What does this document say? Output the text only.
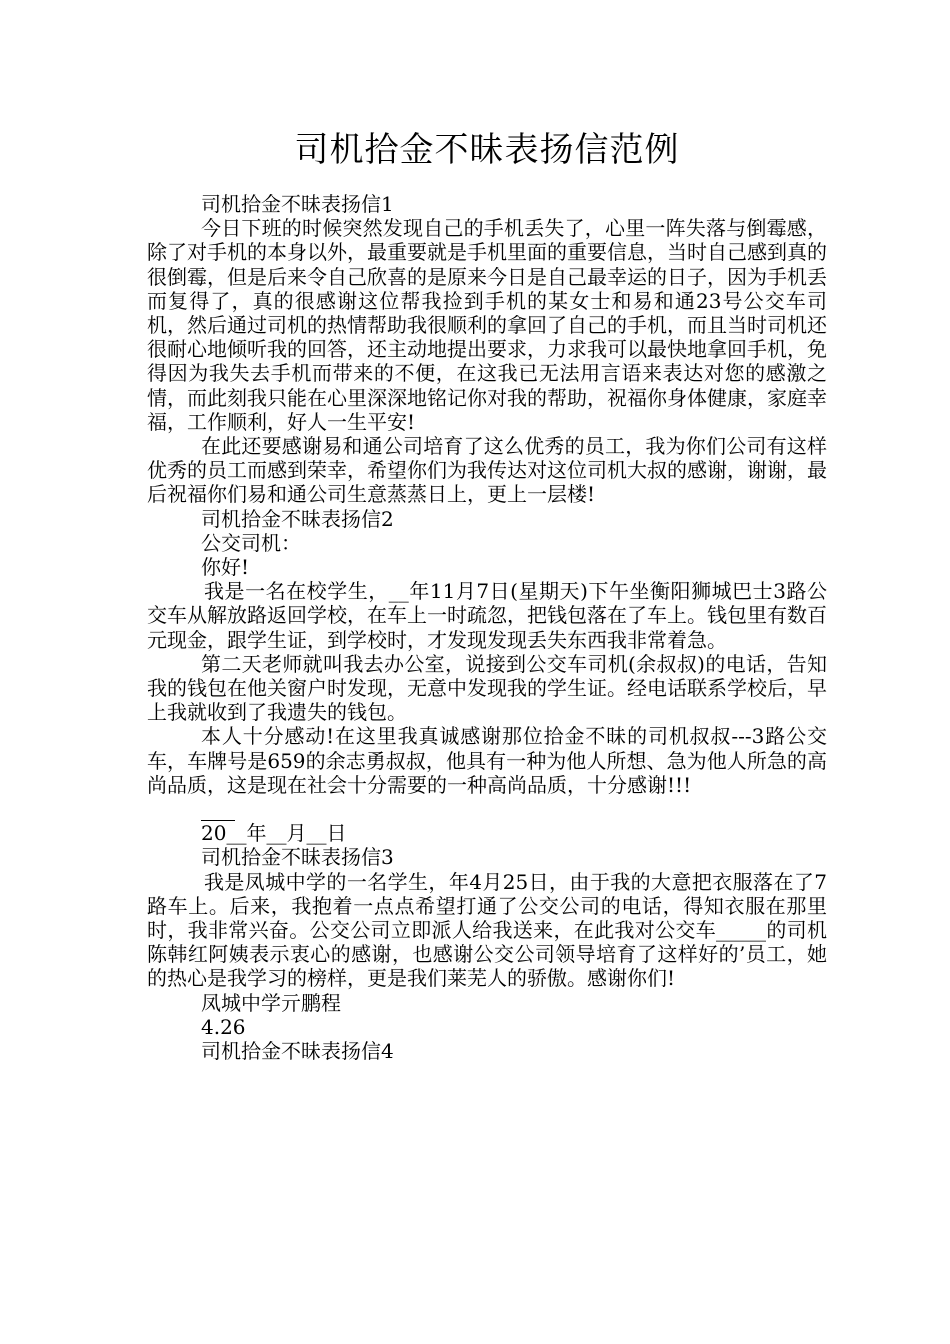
司机拾金不昧表扬信范例

司机拾金不昧表扬信1

今日下班的时候突然发现自己的手机丢失了，心里一阵失落与倒霉感，除了对手机的本身以外，最重要就是手机里面的重要信息，当时自己感到真的很倒霉，但是后来令自己欣喜的是原来今日是自己最幸运的日子，因为手机丢而复得了，真的很感谢这位帮我捡到手机的某女士和易和通23号公交车司机，然后通过司机的热情帮助我很顺利的拿回了自己的手机，而且当时司机还很耐心地倾听我的回答，还主动地提出要求，力求我可以最快地拿回手机，免得因为我失去手机而带来的不便，在这我已无法用言语来表达对您的感激之情，而此刻我只能在心里深深地铭记你对我的帮助，祝福你身体健康，家庭幸福，工作顺利，好人一生平安!

在此还要感谢易和通公司培育了这么优秀的员工，我为你们公司有这样优秀的员工而感到荣幸，希望你们为我传达对这位司机大叔的感谢，谢谢，最后祝福你们易和通公司生意蒸蒸日上，更上一层楼!

司机拾金不昧表扬信2

公交司机：

你好!

我是一名在校学生，__年11月7日(星期天)下午坐衡阳狮城巴士3路公交车从解放路返回学校，在车上一时疏忽，把钱包落在了车上。钱包里有数百元现金，跟学生证，到学校时，才发现发现丢失东西我非常着急。

第二天老师就叫我去办公室，说接到公交车司机(余叔叔)的电话，告知我的钱包在他关窗户时发现，无意中发现我的学生证。经电话联系学校后，早上我就收到了我遗失的钱包。

本人十分感动!在这里我真诚感谢那位拾金不昧的司机叔叔---3路公交车，车牌号是659的余志勇叔叔，他具有一种为他人所想、急为他人所急的高尚品质，这是现在社会十分需要的一种高尚品质，十分感谢!!!

20__年__月__日

司机拾金不昧表扬信3

我是凤城中学的一名学生，年4月25日，由于我的大意把衣服落在了7路车上。后来，我抱着一点点希望打通了公交公司的电话，得知衣服在那里时，我非常兴奋。公交公司立即派人给我送来，在此我对公交车_____的司机陈韩红阿姨表示衷心的感谢，也感谢公交公司领导培育了这样好的’员工，她的热心是我学习的榜样，更是我们莱芜人的骄傲。感谢你们!

凤城中学亓鹏程

4.26

司机拾金不昧表扬信4
